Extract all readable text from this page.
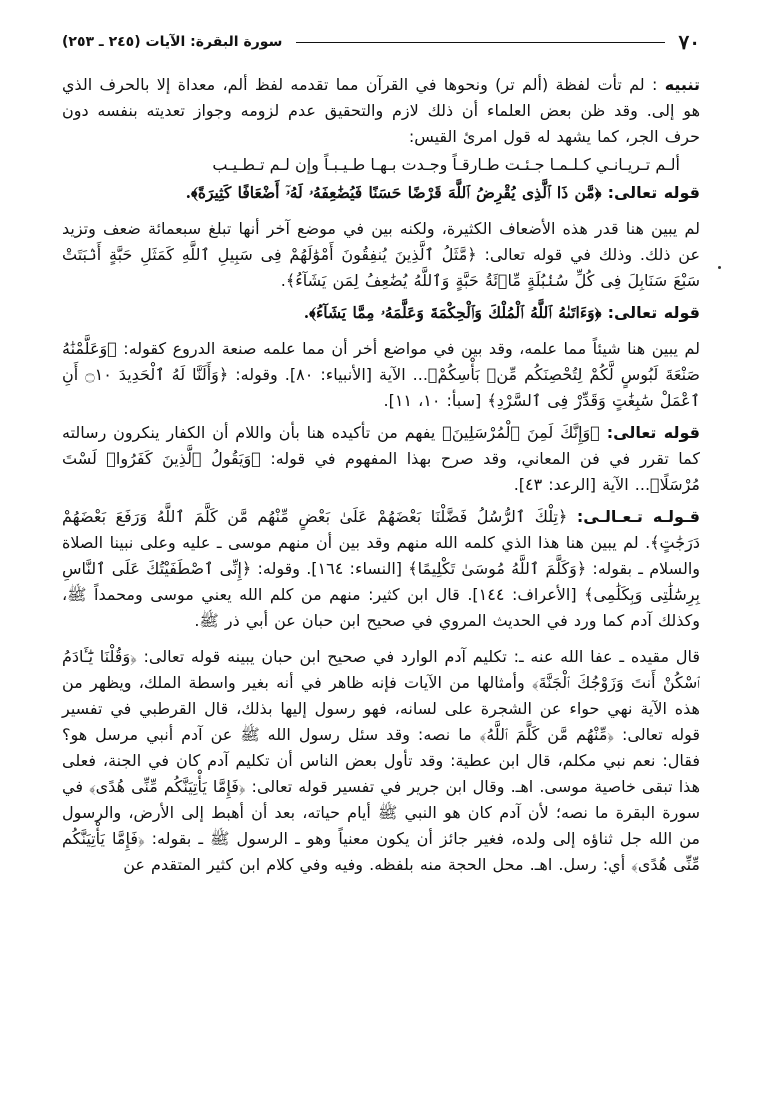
٧٠
سورة البقرة: الآيات (٢٤٥ ـ ٢٥٣)

تنبيه : لم تأت لفظة (ألم تر) ونحوها في القرآن مما تقدمه لفظ ألم، معداة إلا بالحرف الذي هو إلى. وقد ظن بعض العلماء أن ذلك لازم والتحقيق عدم لزومه وجواز تعديته بنفسه دون حرف الجر، كما يشهد له قول امرئ القيس:

ألـم تـريـانـي كـلـمـا جـئـت طـارقـاً وجـدت بـهـا طـيـبـاً وإن لـم تـطـيـب

قوله تعالى: ﴿مَّن ذَا ٱلَّذِى يُقْرِضُ ٱللَّهَ قَرْضًا حَسَنًا فَيُضَٰعِفَهُۥ لَهُۥٓ أَضْعَافًا كَثِيرَةً﴾.

لم يبين هنا قدر هذه الأضعاف الكثيرة، ولكنه بين في موضع آخر أنها تبلغ سبعمائة ضعف وتزيد عن ذلك. وذلك في قوله تعالى: ﴿مَّثَلُ ٱلَّذِينَ يُنفِقُونَ أَمْوَٰلَهُمْ فِى سَبِيلِ ٱللَّهِ كَمَثَلِ حَبَّةٍ أَنۢبَتَتْ سَبْعَ سَنَابِلَ فِى كُلِّ سُنۢبُلَةٍ مِّا۟ئَةُ حَبَّةٍ وَٱللَّهُ يُضَٰعِفُ لِمَن يَشَآءُ﴾.

قوله تعالى: ﴿وَءَاتَىٰهُ ٱللَّهُ ٱلْمُلْكَ وَٱلْحِكْمَةَ وَعَلَّمَهُۥ مِمَّا يَشَآءُ﴾.

لم يبين هنا شيئاً مما علمه، وقد بين في مواضع أخر أن مما علمه صنعة الدروع كقوله: ﴿وَعَلَّمْنَٰهُ صَنْعَةَ لَبُوسٍ لَّكُمْ لِتُحْصِنَكُم مِّنۢ بَأْسِكُمْ﴾... الآية [الأنبياء: ٨٠]. وقوله: ﴿وَأَلَنَّا لَهُ ٱلْحَدِيدَ ۝١٠ أَنِ ٱعْمَلْ سَٰبِغَٰتٍ وَقَدِّرْ فِى ٱلسَّرْدِ﴾ [سبأ: ١٠، ١١].

قوله تعالى: ﴿وَإِنَّكَ لَمِنَ ٱلْمُرْسَلِينَ﴾ يفهم من تأكيده هنا بأن واللام أن الكفار ينكرون رسالته كما تقرر في فن المعاني، وقد صرح بهذا المفهوم في قوله: ﴿وَيَقُولُ ٱلَّذِينَ كَفَرُوا۟ لَسْتَ مُرْسَلًا﴾... الآية [الرعد: ٤٣].

قـولـه تـعـالـى: ﴿تِلْكَ ٱلرُّسُلُ فَضَّلْنَا بَعْضَهُمْ عَلَىٰ بَعْضٍ مِّنْهُم مَّن كَلَّمَ ٱللَّهُ وَرَفَعَ بَعْضَهُمْ دَرَجَٰتٍ﴾. لم يبين هنا هذا الذي كلمه الله منهم وقد بين أن منهم موسى ـ عليه وعلى نبينا الصلاة والسلام ـ بقوله: ﴿وَكَلَّمَ ٱللَّهُ مُوسَىٰ تَكْلِيمًا﴾ [النساء: ١٦٤]. وقوله: ﴿إِنِّى ٱصْطَفَيْتُكَ عَلَى ٱلنَّاسِ بِرِسَٰلَٰتِى وَبِكَلَٰمِى﴾ [الأعراف: ١٤٤]. قال ابن كثير: منهم من كلم الله يعني موسى ومحمداً ﷺ، وكذلك آدم كما ورد في الحديث المروي في صحيح ابن حبان عن أبي ذر ﷺ.

قال مقيده ـ عفا الله عنه ـ: تكليم آدم الوارد في صحيح ابن حبان يبينه قوله تعالى: ﴿وَقُلْنَا يَٰٓـَٔادَمُ ٱسْكُنْ أَنتَ وَزَوْجُكَ ٱلْجَنَّةَ﴾ وأمثالها من الآيات فإنه ظاهر في أنه بغير واسطة الملك، ويظهر من هذه الآية نهي حواء عن الشجرة على لسانه، فهو رسول إليها بذلك، قال القرطبي في تفسير قوله تعالى: ﴿مِّنْهُم مَّن كَلَّمَ ٱللَّهُ﴾ ما نصه: وقد سئل رسول الله ﷺ عن آدم أنبي مرسل هو؟ فقال: نعم نبي مكلم، قال ابن عطية: وقد تأول بعض الناس أن تكليم آدم كان في الجنة، فعلى هذا تبقى خاصية موسى. اهـ. وقال ابن جرير في تفسير قوله تعالى: ﴿فَإِمَّا يَأْتِيَنَّكُم مِّنِّى هُدًى﴾ في سورة البقرة ما نصه؛ لأن آدم كان هو النبي ﷺ أيام حياته، بعد أن أهبط إلى الأرض، والرسول من الله جل ثناؤه إلى ولده، فغير جائز أن يكون معنياً وهو ـ الرسول ﷺ ـ بقوله: ﴿فَإِمَّا يَأْتِيَنَّكُم مِّنِّى هُدًى﴾ أي: رسل. اهـ. محل الحجة منه بلفظه. وفيه وفي كلام ابن كثير المتقدم عن
